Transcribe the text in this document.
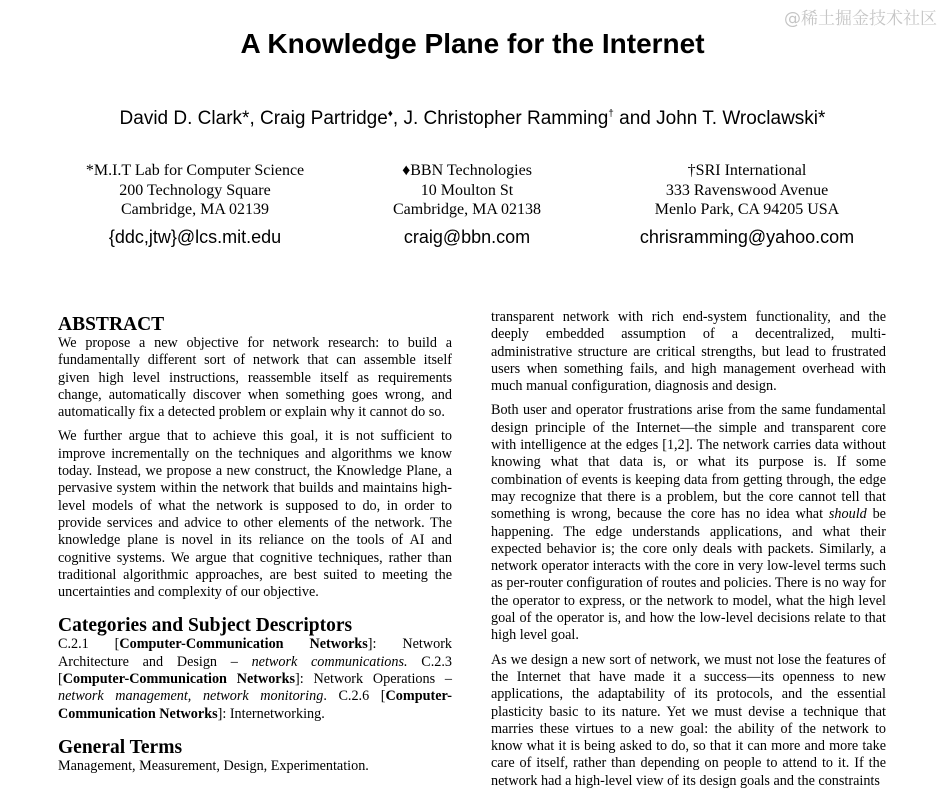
A Knowledge Plane for the Internet
David D. Clark*, Craig Partridge♦, J. Christopher Ramming† and John T. Wroclawski*
*M.I.T Lab for Computer Science
200 Technology Square
Cambridge, MA 02139
{ddc,jtw}@lcs.mit.edu
♦BBN Technologies
10 Moulton St
Cambridge, MA 02138
craig@bbn.com
†SRI International
333 Ravenswood Avenue
Menlo Park, CA 94205 USA
chrisramming@yahoo.com
ABSTRACT

We propose a new objective for network research: to build a fundamentally different sort of network that can assemble itself given high level instructions, reassemble itself as requirements change, automatically discover when something goes wrong, and automatically fix a detected problem or explain why it cannot do so.

We further argue that to achieve this goal, it is not sufficient to improve incrementally on the techniques and algorithms we know today. Instead, we propose a new construct, the Knowledge Plane, a pervasive system within the network that builds and maintains high-level models of what the network is supposed to do, in order to provide services and advice to other elements of the network. The knowledge plane is novel in its reliance on the tools of AI and cognitive systems. We argue that cognitive techniques, rather than traditional algorithmic approaches, are best suited to meeting the uncertainties and complexity of our objective.

Categories and Subject Descriptors

C.2.1 [Computer-Communication Networks]: Network Architecture and Design – network communications. C.2.3 [Computer-Communication Networks]: Network Operations – network management, network monitoring. C.2.6 [Computer-Communication Networks]: Internetworking.

General Terms

Management, Measurement, Design, Experimentation.

transparent network with rich end-system functionality, and the deeply embedded assumption of a decentralized, multi-administrative structure are critical strengths, but lead to frustrated users when something fails, and high management overhead with much manual configuration, diagnosis and design.

Both user and operator frustrations arise from the same fundamental design principle of the Internet—the simple and transparent core with intelligence at the edges [1,2]. The network carries data without knowing what that data is, or what its purpose is. If some combination of events is keeping data from getting through, the edge may recognize that there is a problem, but the core cannot tell that something is wrong, because the core has no idea what should be happening. The edge understands applications, and what their expected behavior is; the core only deals with packets. Similarly, a network operator interacts with the core in very low-level terms such as per-router configuration of routes and policies. There is no way for the operator to express, or the network to model, what the high level goal of the operator is, and how the low-level decisions relate to that high level goal.

As we design a new sort of network, we must not lose the features of the Internet that have made it a success—its openness to new applications, the adaptability of its protocols, and the essential plasticity basic to its nature. Yet we must devise a technique that marries these virtues to a new goal: the ability of the network to know what it is being asked to do, so that it can more and more take care of itself, rather than depending on people to attend to it. If the network had a high-level view of its design goals and the constraints

@稀土掘金技术社区
